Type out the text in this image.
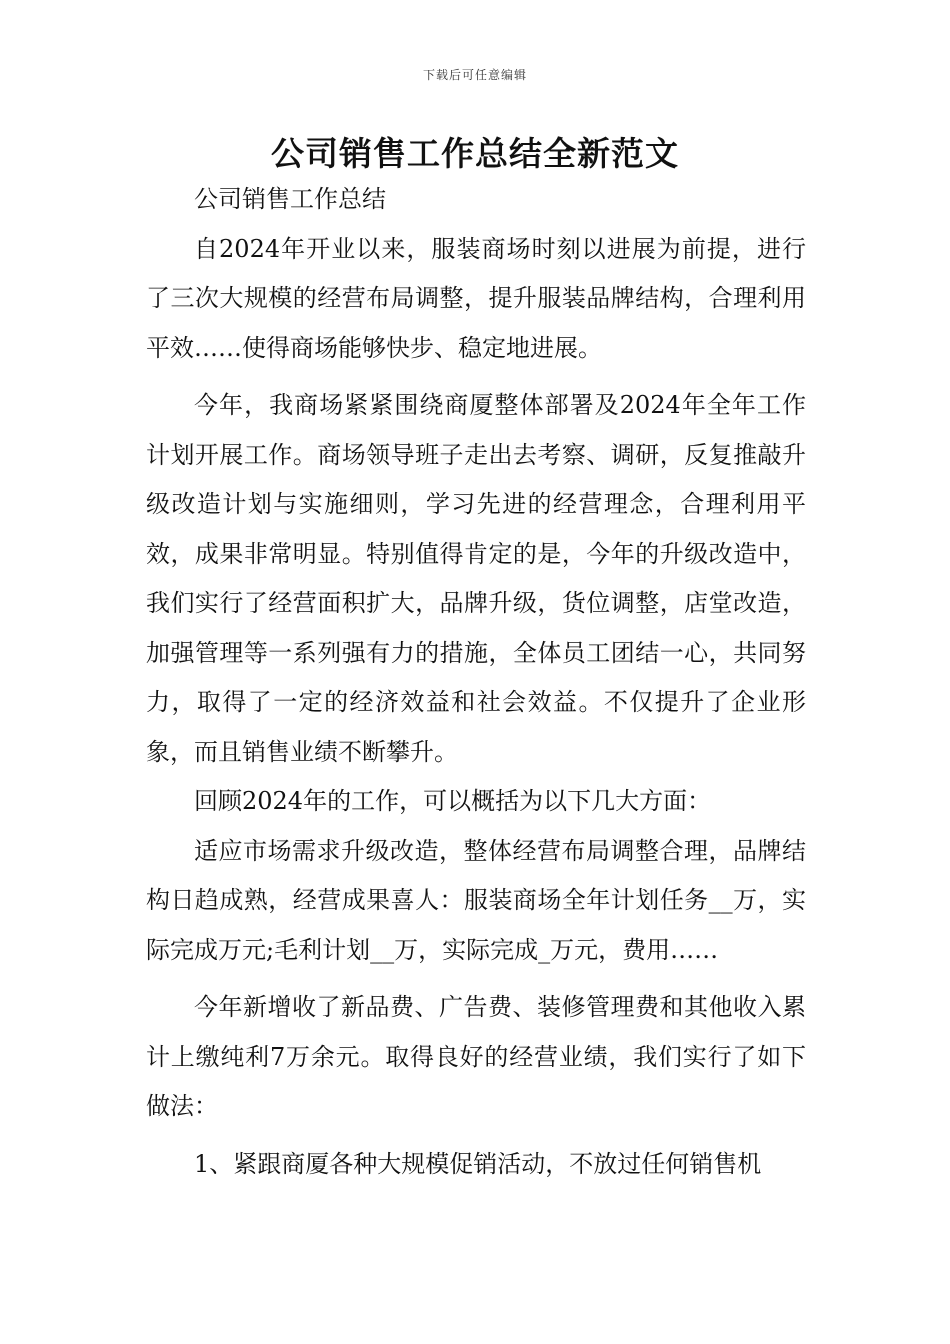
下载后可任意编辑
公司销售工作总结全新范文

公司销售工作总结

自2024年开业以来，服装商场时刻以进展为前提，进行了三次大规模的经营布局调整，提升服装品牌结构，合理利用平效……使得商场能够快步、稳定地进展。

今年，我商场紧紧围绕商厦整体部署及2024年全年工作计划开展工作。商场领导班子走出去考察、调研，反复推敲升级改造计划与实施细则，学习先进的经营理念，合理利用平效，成果非常明显。特别值得肯定的是，今年的升级改造中，我们实行了经营面积扩大，品牌升级，货位调整，店堂改造，加强管理等一系列强有力的措施，全体员工团结一心，共同努力，取得了一定的经济效益和社会效益。不仅提升了企业形象，而且销售业绩不断攀升。

回顾2024年的工作，可以概括为以下几大方面：

适应市场需求升级改造，整体经营布局调整合理，品牌结构日趋成熟，经营成果喜人：服装商场全年计划任务__万，实际完成万元;毛利计划__万，实际完成_万元，费用……

今年新增收了新品费、广告费、装修管理费和其他收入累计上缴纯利7万余元。取得良好的经营业绩，我们实行了如下做法：

1、紧跟商厦各种大规模促销活动，不放过任何销售机
